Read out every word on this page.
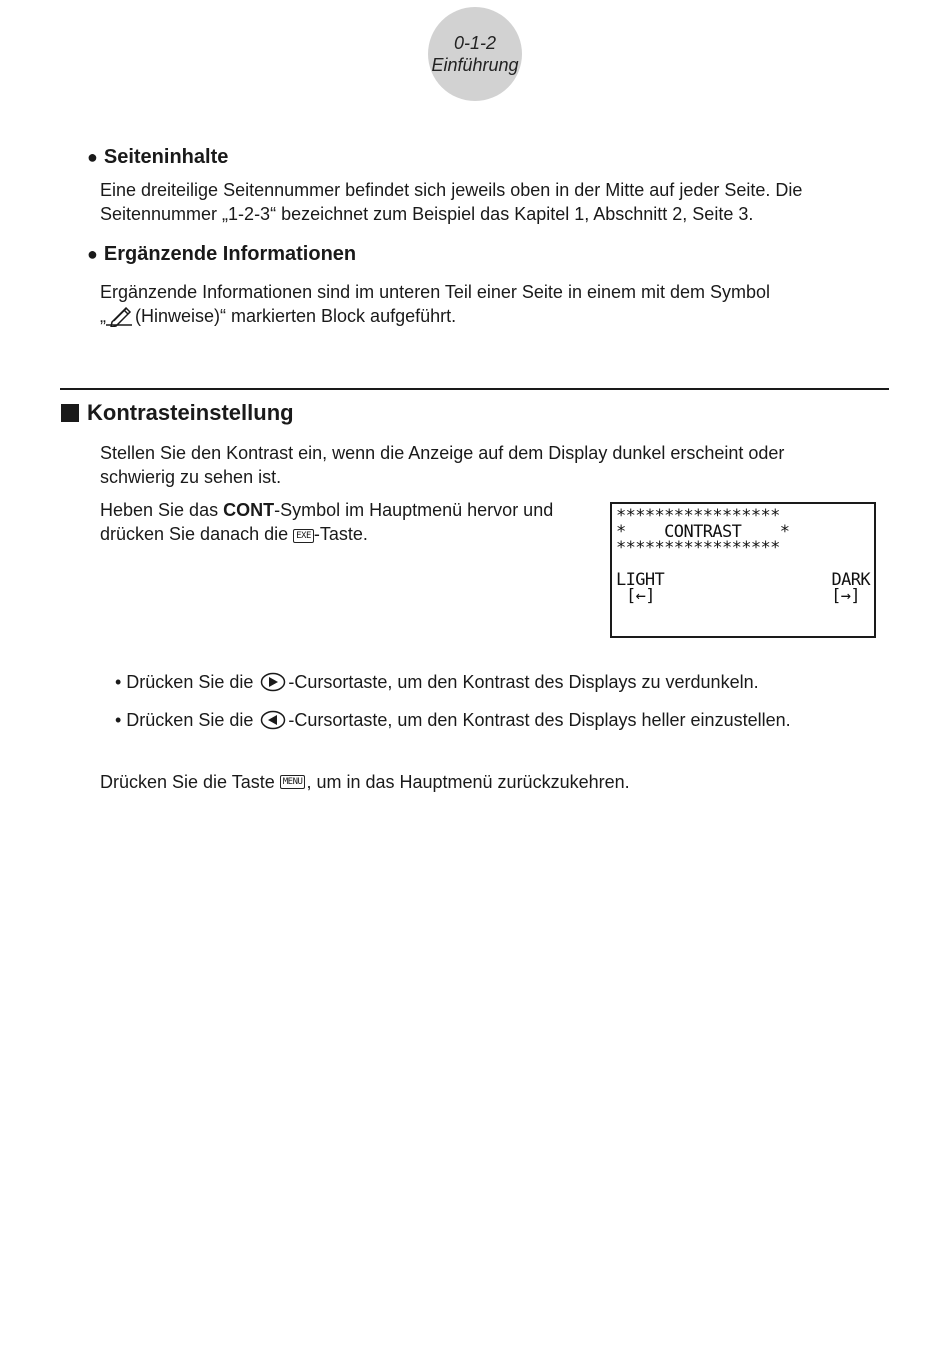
0-1-2
Einführung
● Seiteninhalte

Eine dreiteilige Seitennummer befindet sich jeweils oben in der Mitte auf jeder Seite. Die

Seitennummer „1-2-3“ bezeichnet zum Beispiel das Kapitel 1, Abschnitt 2, Seite 3.

● Ergänzende Informationen

Ergänzende Informationen sind im unteren Teil einer Seite in einem mit dem Symbol

„ (Hinweise)“ markierten Block aufgeführt.

Kontrasteinstellung

Stellen Sie den Kontrast ein, wenn die Anzeige auf dem Display dunkel erscheint oder

schwierig zu sehen ist.

Heben Sie das CONT-Symbol im Hauptmenü hervor und

drücken Sie danach die EXE -Taste.

*****************

*    CONTRAST    *

*****************

LIGHT

[←]

DARK

[→]

• Drücken Sie die -Cursortaste, um den Kontrast des Displays zu verdunkeln.
• Drücken Sie die -Cursortaste, um den Kontrast des Displays heller einzustellen.
Drücken Sie die Taste MENU , um in das Hauptmenü zurückzukehren.
